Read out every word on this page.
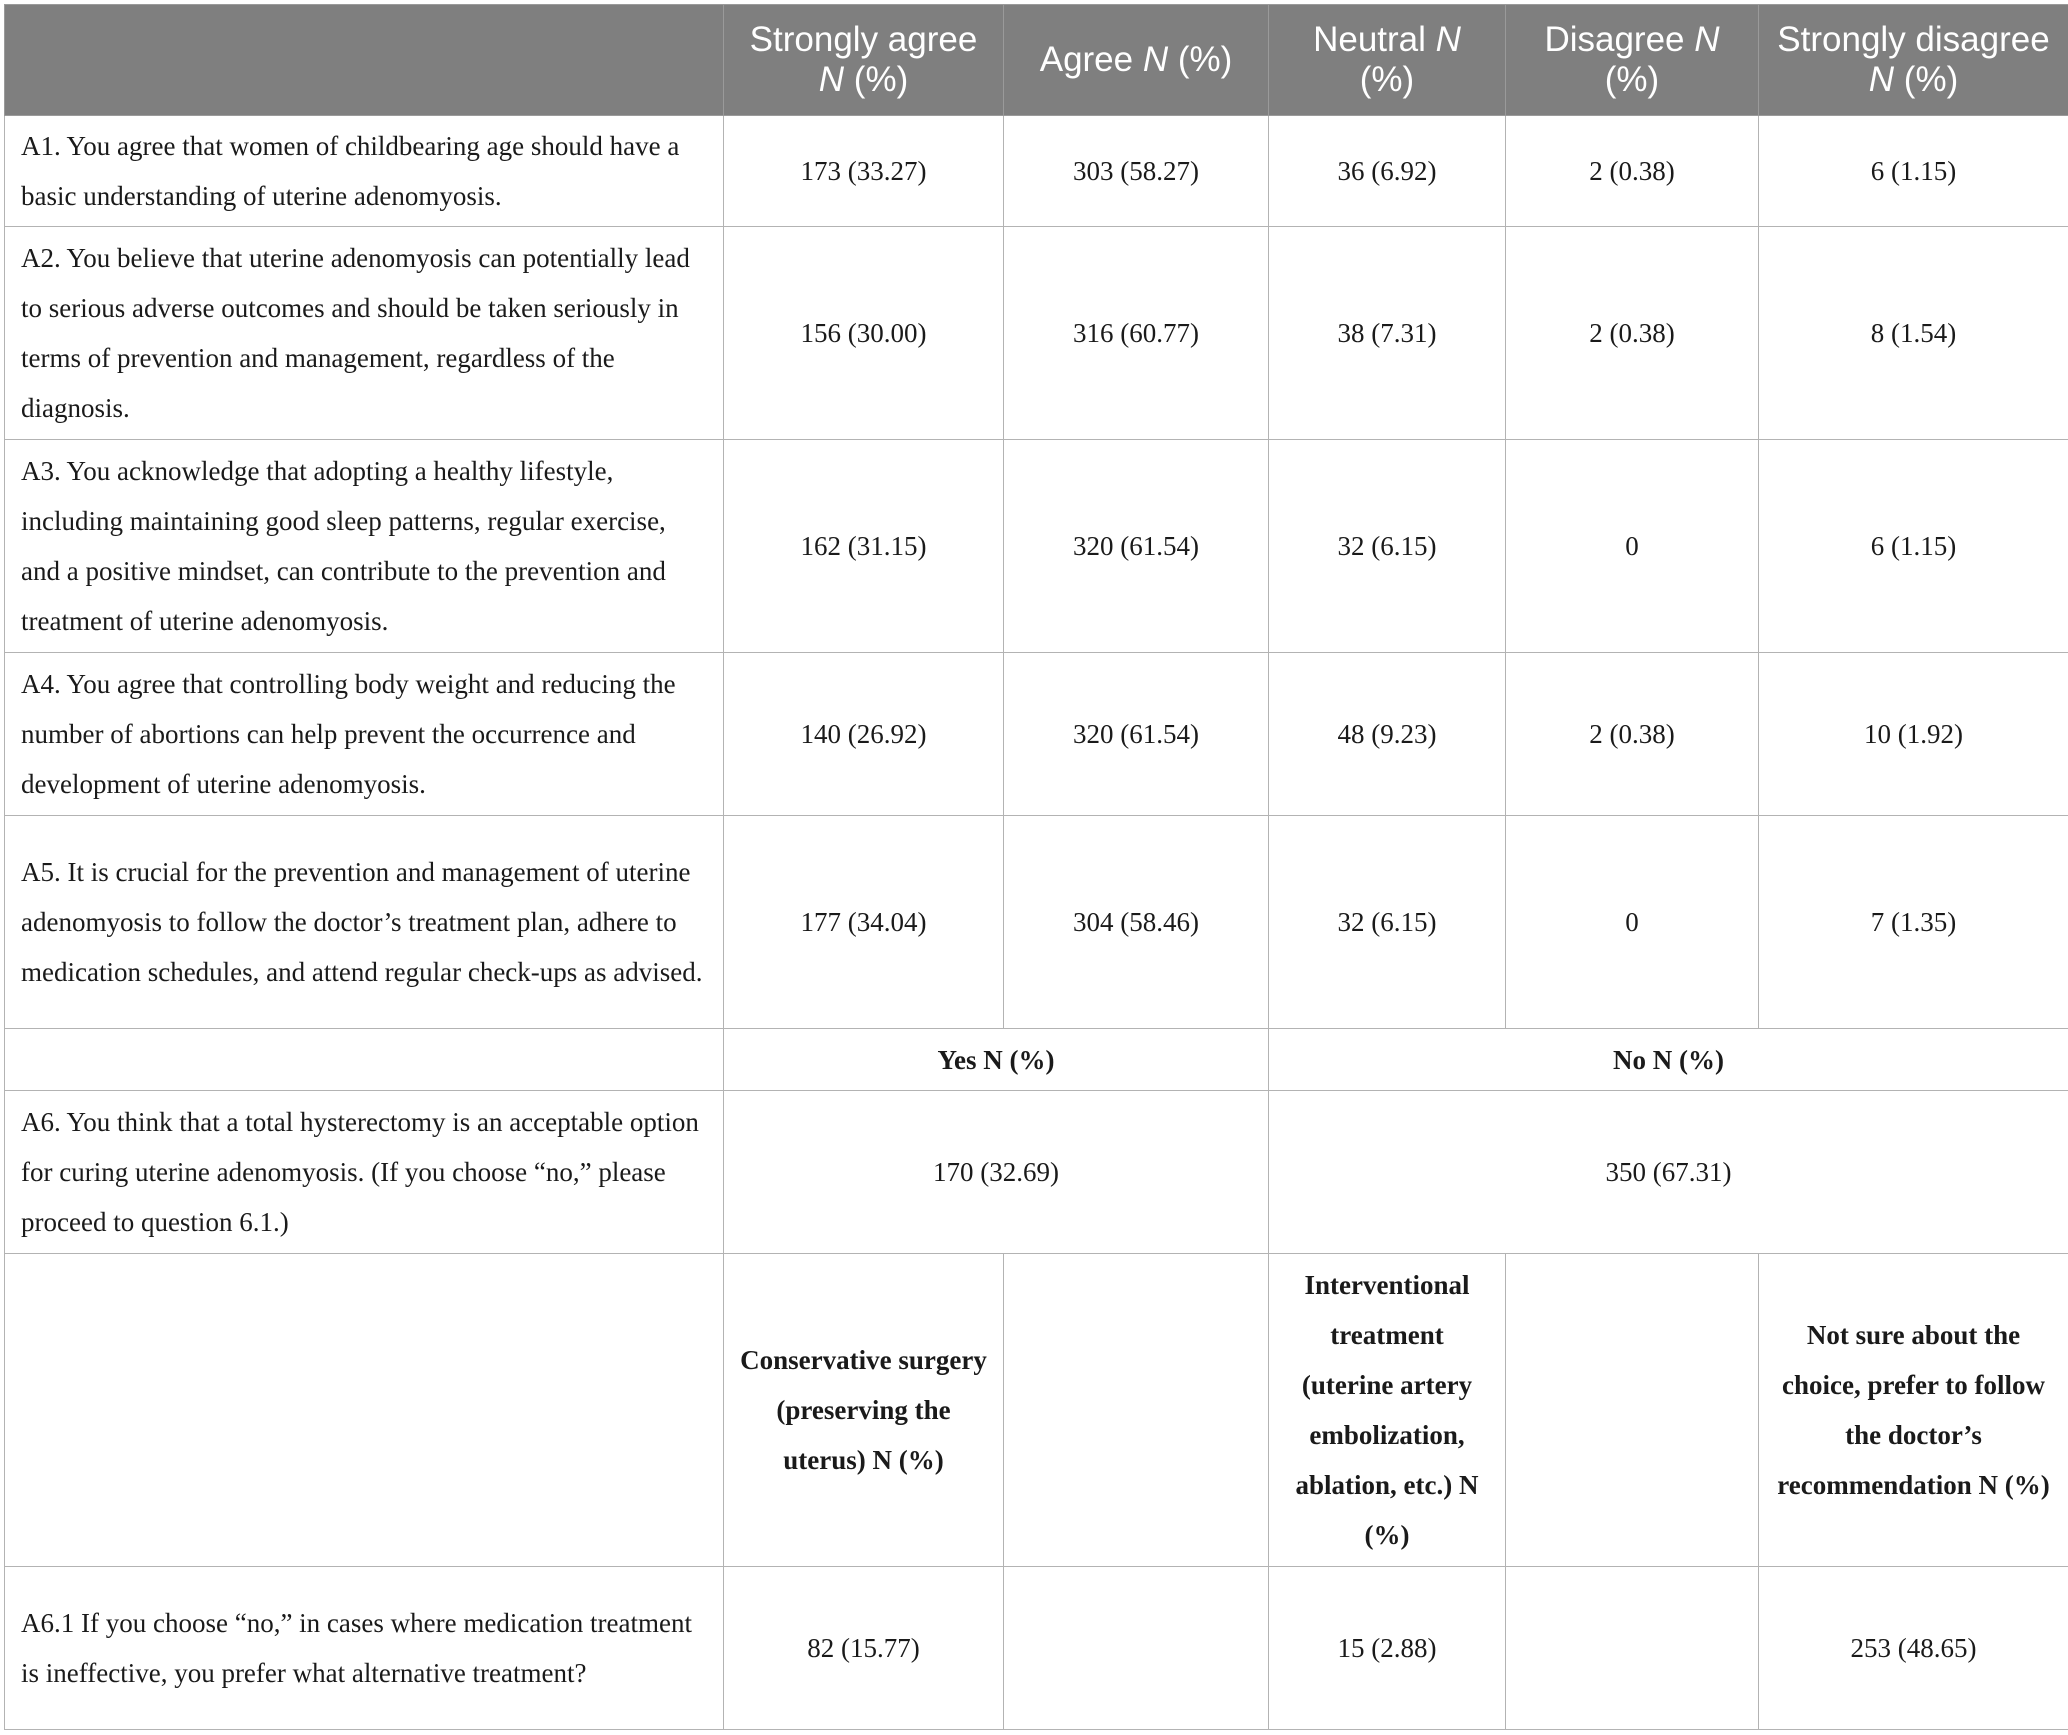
	Strongly agree N (%)	Agree N (%)	Neutral N (%)	Disagree N (%)	Strongly disagree N (%)
A1. You agree that women of childbearing age should have a basic understanding of uterine adenomyosis.	173 (33.27)	303 (58.27)	36 (6.92)	2 (0.38)	6 (1.15)
A2. You believe that uterine adenomyosis can potentially lead to serious adverse outcomes and should be taken seriously in terms of prevention and management, regardless of the diagnosis.	156 (30.00)	316 (60.77)	38 (7.31)	2 (0.38)	8 (1.54)
A3. You acknowledge that adopting a healthy lifestyle, including maintaining good sleep patterns, regular exercise, and a positive mindset, can contribute to the prevention and treatment of uterine adenomyosis.	162 (31.15)	320 (61.54)	32 (6.15)	0	6 (1.15)
A4. You agree that controlling body weight and reducing the number of abortions can help prevent the occurrence and development of uterine adenomyosis.	140 (26.92)	320 (61.54)	48 (9.23)	2 (0.38)	10 (1.92)
A5. It is crucial for the prevention and management of uterine adenomyosis to follow the doctor’s treatment plan, adhere to medication schedules, and attend regular check-ups as advised.	177 (34.04)	304 (58.46)	32 (6.15)	0	7 (1.35)
	Yes N (%)		No N (%)		
A6. You think that a total hysterectomy is an acceptable option for curing uterine adenomyosis. (If you choose “no,” please proceed to question 6.1.)	170 (32.69)		350 (67.31)		
	Conservative surgery (preserving the uterus) N (%)		Interventional treatment (uterine artery embolization, ablation, etc.) N (%)		Not sure about the choice, prefer to follow the doctor’s recommendation N (%)
A6.1 If you choose “no,” in cases where medication treatment is ineffective, you prefer what alternative treatment?	82 (15.77)		15 (2.88)		253 (48.65)
